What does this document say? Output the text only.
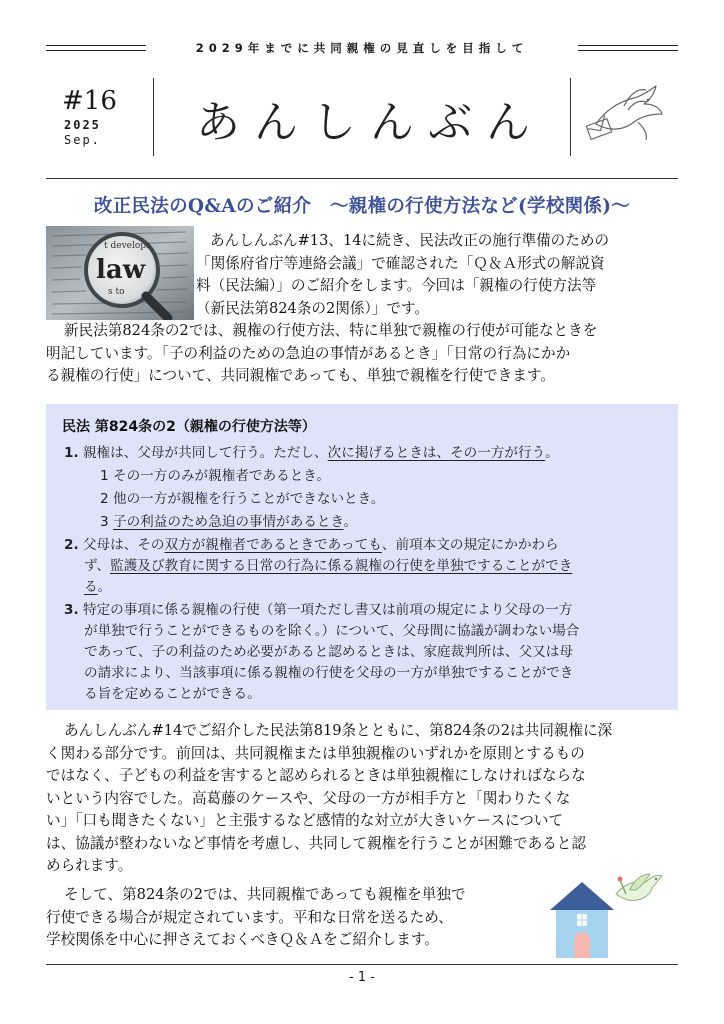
2029年までに共同親権の見直しを目指して
#16
2025
Sep.	あんしんぶん
改正民法のQ&Aのご紹介　～親権の行使方法など(学校関係)～
t develops
law
s to
あんしんぶん#13、14に続き、民法改正の施行準備のための
「関係府省庁等連絡会議」で確認された「Ｑ＆Ａ形式の解説資
料（民法編）」のご紹介をします。今回は「親権の行使方法等
（新民法第824条の2関係）」です。
新民法第824条の2では、親権の行使方法、特に単独で親権の行使が可能なときを
明記しています。「子の利益のための急迫の事情があるとき」「日常の行為にかか
る親権の行使」について、共同親権であっても、単独で親権を行使できます。
民法 第824条の2（親権の行使方法等）
1. 親権は、父母が共同して行う。ただし、次に掲げるときは、その一方が行う。
1 その一方のみが親権者であるとき。
2 他の一方が親権を行うことができないとき。
3 子の利益のため急迫の事情があるとき。
2. 父母は、その双方が親権者であるときであっても、前項本文の規定にかかわら
ず、監護及び教育に関する日常の行為に係る親権の行使を単独ですることができ
る。
3. 特定の事項に係る親権の行使（第一項ただし書又は前項の規定により父母の一方
が単独で行うことができるものを除く。）について、父母間に協議が調わない場合
であって、子の利益のため必要があると認めるときは、家庭裁判所は、父又は母
の請求により、当該事項に係る親権の行使を父母の一方が単独ですることができ
る旨を定めることができる。
あんしんぶん#14でご紹介した民法第819条とともに、第824条の2は共同親権に深
く関わる部分です。前回は、共同親権または単独親権のいずれかを原則とするもの
ではなく、子どもの利益を害すると認められるときは単独親権にしなければならな
いという内容でした。高葛藤のケースや、父母の一方が相手方と「関わりたくな
い」「口も聞きたくない」と主張するなど感情的な対立が大きいケースについて
は、協議が整わないなど事情を考慮し、共同して親権を行うことが困難であると認
められます。
そして、第824条の2では、共同親権であっても親権を単独で
行使できる場合が規定されています。平和な日常を送るため、
学校関係を中心に押さえておくべきＱ＆Ａをご紹介します。
- 1 -
